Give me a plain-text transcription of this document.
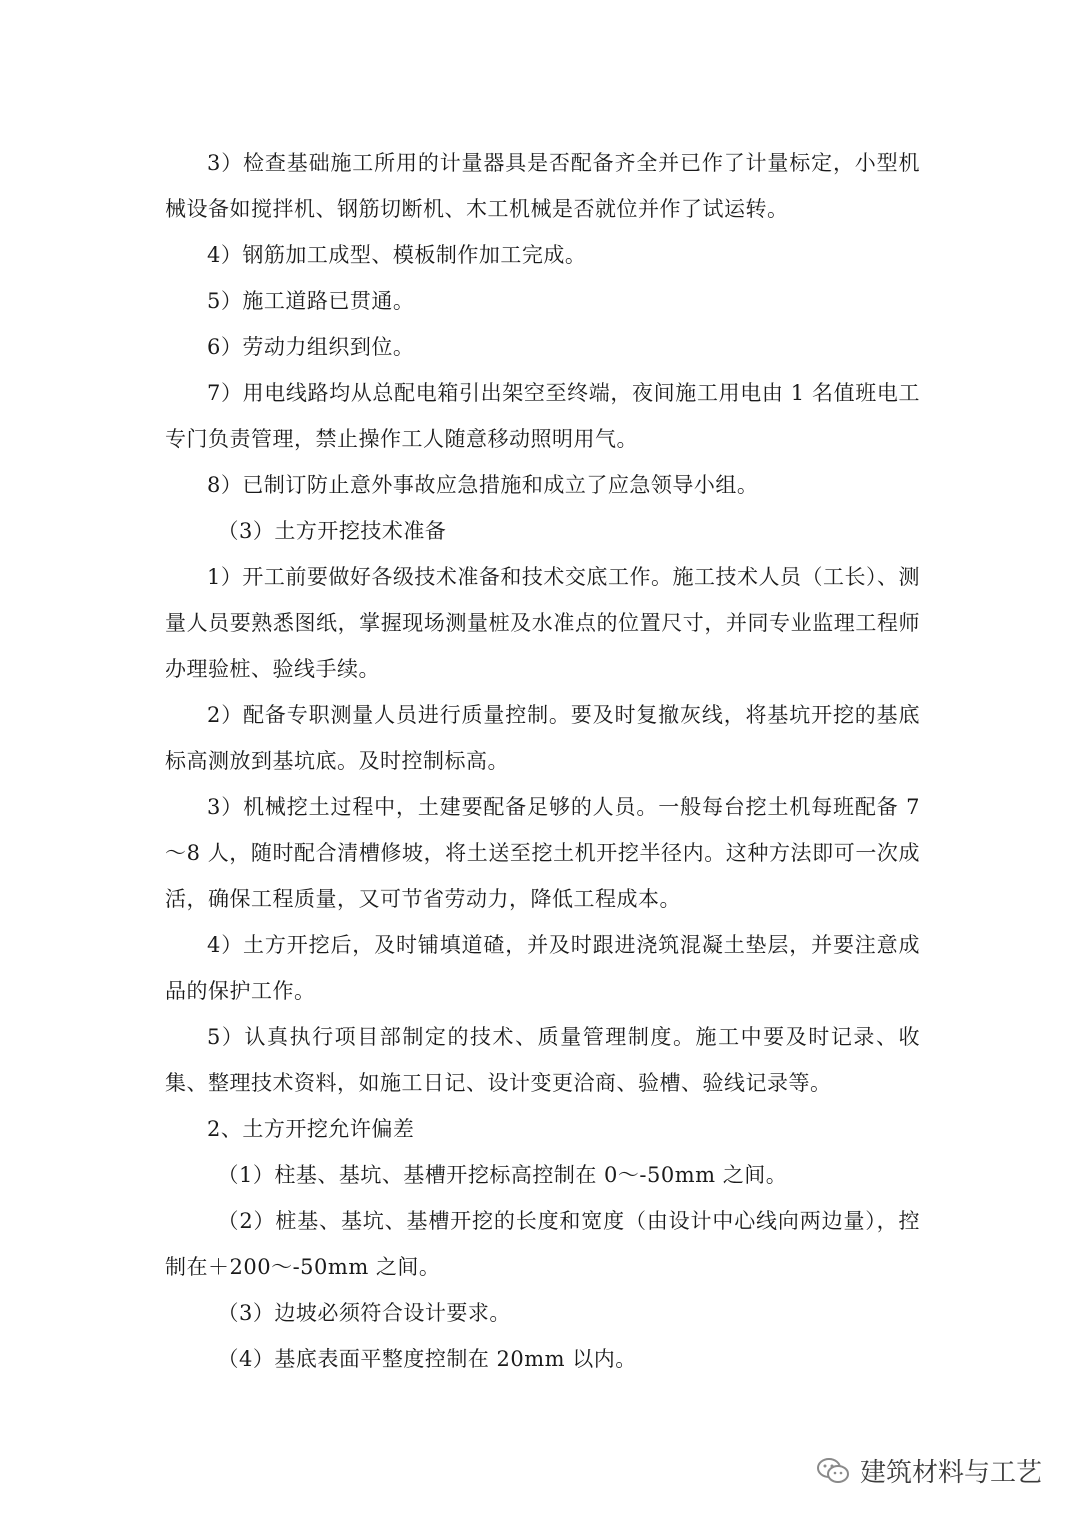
3）检查基础施工所用的计量器具是否配备齐全并已作了计量标定，小型机械设备如搅拌机、钢筋切断机、木工机械是否就位并作了试运转。

4）钢筋加工成型、模板制作加工完成。

5）施工道路已贯通。

6）劳动力组织到位。

7）用电线路均从总配电箱引出架空至终端，夜间施工用电由 1 名值班电工专门负责管理，禁止操作工人随意移动照明用气。

8）已制订防止意外事故应急措施和成立了应急领导小组。

（3）土方开挖技术准备

1）开工前要做好各级技术准备和技术交底工作。施工技术人员（工长）、测量人员要熟悉图纸，掌握现场测量桩及水准点的位置尺寸，并同专业监理工程师办理验桩、验线手续。

2）配备专职测量人员进行质量控制。要及时复撤灰线，将基坑开挖的基底标高测放到基坑底。及时控制标高。

3）机械挖土过程中，土建要配备足够的人员。一般每台挖土机每班配备 7～8 人，随时配合清槽修坡，将土送至挖土机开挖半径内。这种方法即可一次成活，确保工程质量，又可节省劳动力，降低工程成本。

4）土方开挖后，及时铺填道碴，并及时跟进浇筑混凝土垫层，并要注意成品的保护工作。

5）认真执行项目部制定的技术、质量管理制度。施工中要及时记录、收集、整理技术资料，如施工日记、设计变更洽商、验槽、验线记录等。

2、土方开挖允许偏差

（1）柱基、基坑、基槽开挖标高控制在 0～-50mm 之间。

（2）桩基、基坑、基槽开挖的长度和宽度（由设计中心线向两边量），控制在＋200～-50mm 之间。

（3）边坡必须符合设计要求。

（4）基底表面平整度控制在 20mm 以内。

建筑材料与工艺
